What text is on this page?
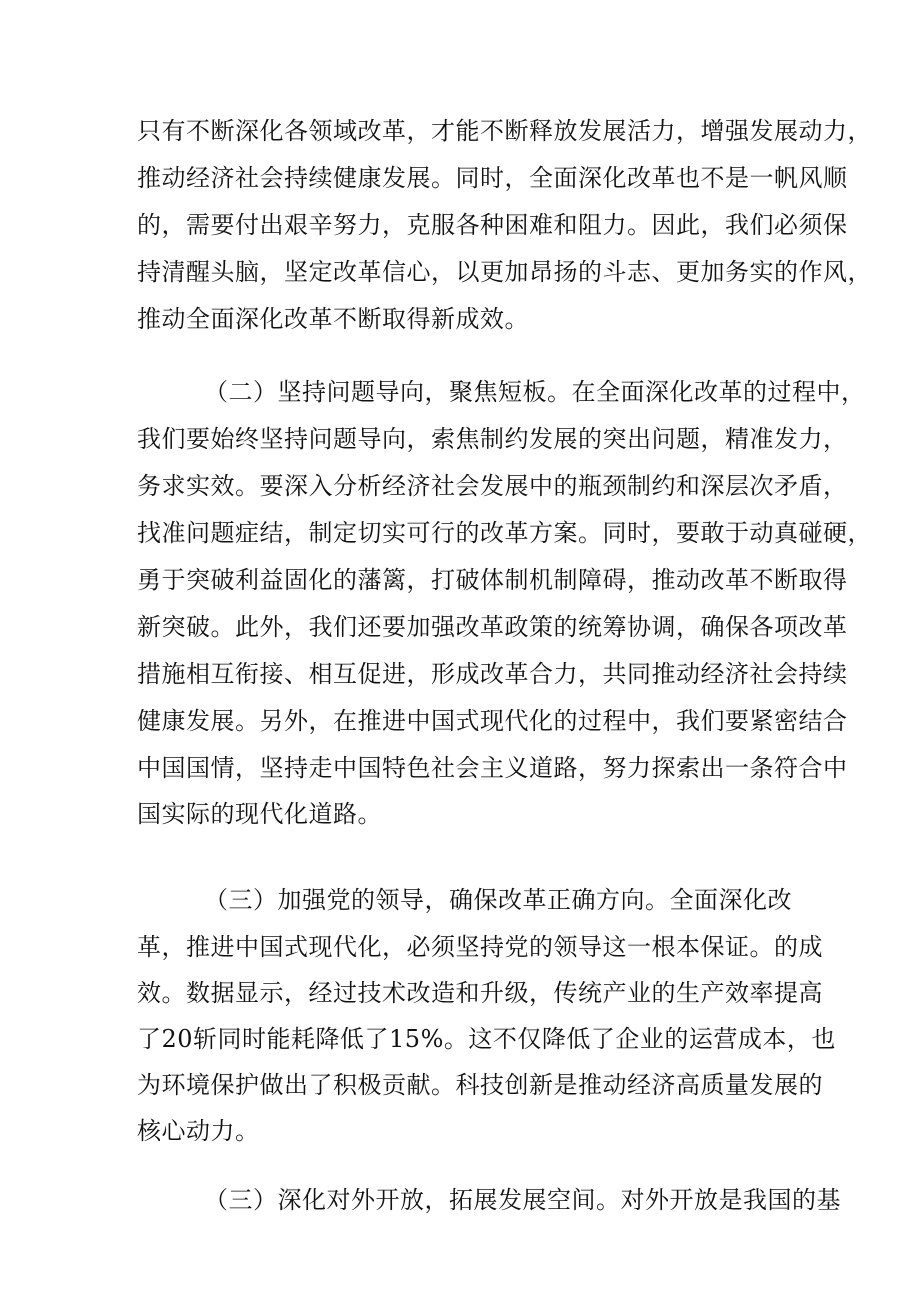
只有不断深化各领域改革，才能不断释放发展活力，增强发展动力，
推动经济社会持续健康发展。同时，全面深化改革也不是一帆风顺
的，需要付出艰辛努力，克服各种困难和阻力。因此，我们必须保
持清醒头脑，坚定改革信心，以更加昂扬的斗志、更加务实的作风，
推动全面深化改革不断取得新成效。
（二）坚持问题导向，聚焦短板。在全面深化改革的过程中，
我们要始终坚持问题导向，索焦制约发展的突出问题，精准发力，
务求实效。要深入分析经济社会发展中的瓶颈制约和深层次矛盾，
找准问题症结，制定切实可行的改革方案。同时，要敢于动真碰硬，
勇于突破利益固化的藩篱，打破体制机制障碍，推动改革不断取得
新突破。此外，我们还要加强改革政策的统筹协调，确保各项改革
措施相互衔接、相互促进，形成改革合力，共同推动经济社会持续
健康发展。另外，在推进中国式现代化的过程中，我们要紧密结合
中国国情，坚持走中国特色社会主义道路，努力探索出一条符合中
国实际的现代化道路。
（三）加强党的领导，确保改革正确方向。全面深化改
革，推进中国式现代化，必须坚持党的领导这一根本保证。的成
效。数据显示，经过技术改造和升级，传统产业的生产效率提高
了20斩同时能耗降低了15%。这不仅降低了企业的运营成本，也
为环境保护做出了积极贡献。科技创新是推动经济高质量发展的
核心动力。
（三）深化对外开放，拓展发展空间。对外开放是我国的基
